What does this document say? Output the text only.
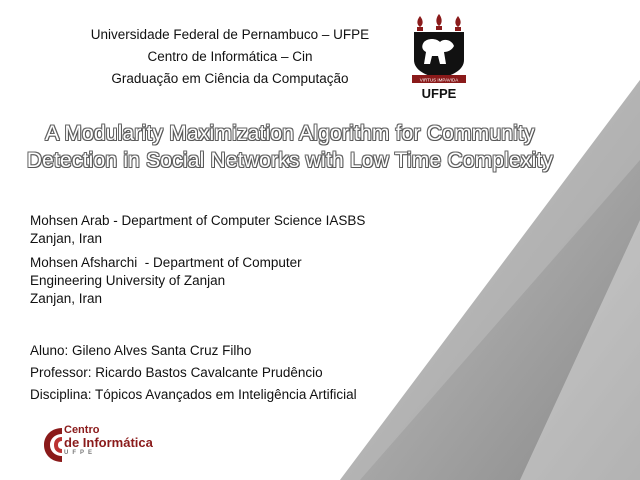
Universidade Federal de Pernambuco – UFPE
Centro de Informática – Cin
Graduação em Ciência da Computação	VIRTUS IMPAVIDA
UFPE
A Modularity Maximization Algorithm for Community
Detection in Social Networks with Low Time Complexity
Mohsen Arab - Department of Computer Science IASBS
Zanjan, Iran
Mohsen Afsharchi  - Department of Computer
Engineering University of Zanjan
Zanjan, Iran
Aluno: Gileno Alves Santa Cruz Filho
Professor: Ricardo Bastos Cavalcante Prudêncio
Disciplina: Tópicos Avançados em Inteligência Artificial
Centro
de Informática
UFPE
